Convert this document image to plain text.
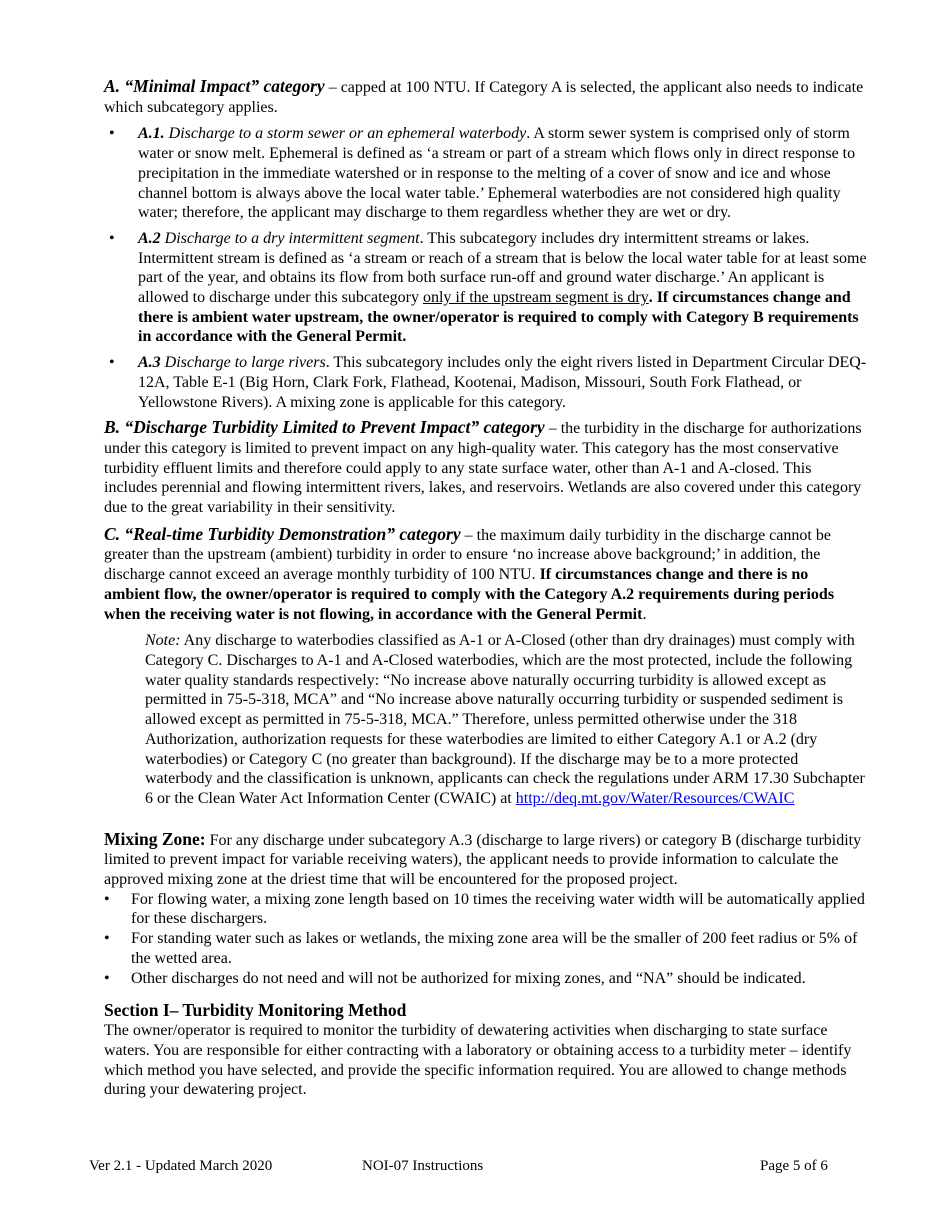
A. “Minimal Impact” category – capped at 100 NTU. If Category A is selected, the applicant also needs to indicate which subcategory applies.

• A.1. Discharge to a storm sewer or an ephemeral waterbody. A storm sewer system is comprised only of storm water or snow melt. Ephemeral is defined as ‘a stream or part of a stream which flows only in direct response to precipitation in the immediate watershed or in response to the melting of a cover of snow and ice and whose channel bottom is always above the local water table.’ Ephemeral waterbodies are not considered high quality water; therefore, the applicant may discharge to them regardless whether they are wet or dry.
• A.2 Discharge to a dry intermittent segment. This subcategory includes dry intermittent streams or lakes. Intermittent stream is defined as ‘a stream or reach of a stream that is below the local water table for at least some part of the year, and obtains its flow from both surface run-off and ground water discharge.’ An applicant is allowed to discharge under this subcategory only if the upstream segment is dry. If circumstances change and there is ambient water upstream, the owner/operator is required to comply with Category B requirements in accordance with the General Permit.
• A.3 Discharge to large rivers. This subcategory includes only the eight rivers listed in Department Circular DEQ-12A, Table E-1 (Big Horn, Clark Fork, Flathead, Kootenai, Madison, Missouri, South Fork Flathead, or Yellowstone Rivers). A mixing zone is applicable for this category.

B. “Discharge Turbidity Limited to Prevent Impact” category – the turbidity in the discharge for authorizations under this category is limited to prevent impact on any high-quality water. This category has the most conservative turbidity effluent limits and therefore could apply to any state surface water, other than A-1 and A-closed. This includes perennial and flowing intermittent rivers, lakes, and reservoirs. Wetlands are also covered under this category due to the great variability in their sensitivity.

C. “Real-time Turbidity Demonstration” category – the maximum daily turbidity in the discharge cannot be greater than the upstream (ambient) turbidity in order to ensure ‘no increase above background;’ in addition, the discharge cannot exceed an average monthly turbidity of 100 NTU. If circumstances change and there is no ambient flow, the owner/operator is required to comply with the Category A.2 requirements during periods when the receiving water is not flowing, in accordance with the General Permit.

Note: Any discharge to waterbodies classified as A-1 or A-Closed (other than dry drainages) must comply with Category C. Discharges to A-1 and A-Closed waterbodies, which are the most protected, include the following water quality standards respectively: “No increase above naturally occurring turbidity is allowed except as permitted in 75-5-318, MCA” and “No increase above naturally occurring turbidity or suspended sediment is allowed except as permitted in 75-5-318, MCA.” Therefore, unless permitted otherwise under the 318 Authorization, authorization requests for these waterbodies are limited to either Category A.1 or A.2 (dry waterbodies) or Category C (no greater than background). If the discharge may be to a more protected waterbody and the classification is unknown, applicants can check the regulations under ARM 17.30 Subchapter 6 or the Clean Water Act Information Center (CWAIC) at http://deq.mt.gov/Water/Resources/CWAIC

Mixing Zone: For any discharge under subcategory A.3 (discharge to large rivers) or category B (discharge turbidity limited to prevent impact for variable receiving waters), the applicant needs to provide information to calculate the approved mixing zone at the driest time that will be encountered for the proposed project.

• For flowing water, a mixing zone length based on 10 times the receiving water width will be automatically applied for these dischargers.
• For standing water such as lakes or wetlands, the mixing zone area will be the smaller of 200 feet radius or 5% of the wetted area.
• Other discharges do not need and will not be authorized for mixing zones, and “NA” should be indicated.

Section I– Turbidity Monitoring Method

The owner/operator is required to monitor the turbidity of dewatering activities when discharging to state surface waters. You are responsible for either contracting with a laboratory or obtaining access to a turbidity meter – identify which method you have selected, and provide the specific information required. You are allowed to change methods during your dewatering project.

Ver 2.1 - Updated March 2020	NOI-07 Instructions	Page 5 of 6
